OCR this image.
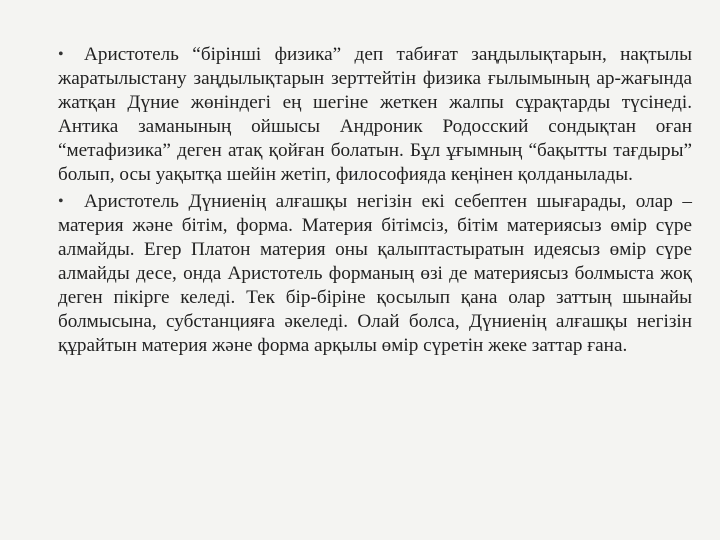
• Аристотель “бірінші физика” деп табиғат заңдылықтарын, нақтылы жаратылыстану заңдылықтарын зерттейтін физика ғылымының ар-жағында жатқан Дүние жөніндегі ең шегіне жеткен жалпы сұрақтарды түсінеді. Антика заманының ойшысы Андроник Родосский сондықтан оған “метафизика” деген атақ қойған болатын. Бұл ұғымның “бақытты тағдыры” болып, осы уақытқа шейін жетіп, философияда кеңінен қолданылады.

• Аристотель Дүниенің алғашқы негізін екі себептен шығарады, олар – материя және бітім, форма. Материя бітімсіз, бітім материясыз өмір сүре алмайды. Егер Платон материя оны қалыптастыратын идеясыз өмір сүре алмайды десе, онда Аристотель форманың өзі де материясыз болмыста жоқ деген пікірге келеді. Тек бір-біріне қосылып қана олар заттың шынайы болмысына, субстанцияға әкеледі. Олай болса, Дүниенің алғашқы негізін құрайтын материя және форма арқылы өмір сүретін жеке заттар ғана.
